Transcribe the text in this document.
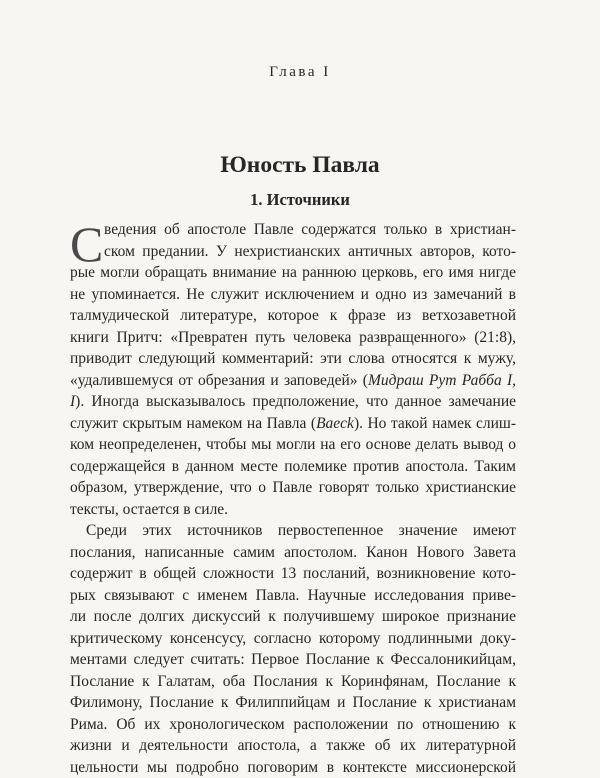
Глава I
Юность Павла
1. Источники
С ведения об апостоле Павле содержатся только в христиан-
ском предании. У нехристианских античных авторов, кото-
рые могли обращать внимание на раннюю церковь, его имя нигде
не упоминается. Не служит исключением и одно из замечаний в
талмудической литературе, которое к фразе из ветхозаветной
книги Притч: «Превратен путь человека развращенного» (21:8),
приводит следующий комментарий: эти слова относятся к мужу,
«удалившемуся от обрезания и заповедей» (Мидраш Рут Рабба I,
I). Иногда высказывалось предположение, что данное замечание
служит скрытым намеком на Павла (Baeck). Но такой намек слиш-
ком неопределенен, чтобы мы могли на его основе делать вывод о
содержащейся в данном месте полемике против апостола. Таким
образом, утверждение, что о Павле говорят только христианские
тексты, остается в силе.
Среди этих источников первостепенное значение имеют
послания, написанные самим апостолом. Канон Нового Завета
содержит в общей сложности 13 посланий, возникновение кото-
рых связывают с именем Павла. Научные исследования приве-
ли после долгих дискуссий к получившему широкое признание
критическому консенсусу, согласно которому подлинными доку-
ментами следует считать: Первое Послание к Фессалоникийцам,
Послание к Галатам, оба Послания к Коринфянам, Послание к
Филимону, Послание к Филиппийцам и Послание к христианам
Рима. Об их хронологическом расположении по отношению к
жизни и деятельности апостола, а также об их литературной
цельности мы подробно поговорим в контексте миссионерской
